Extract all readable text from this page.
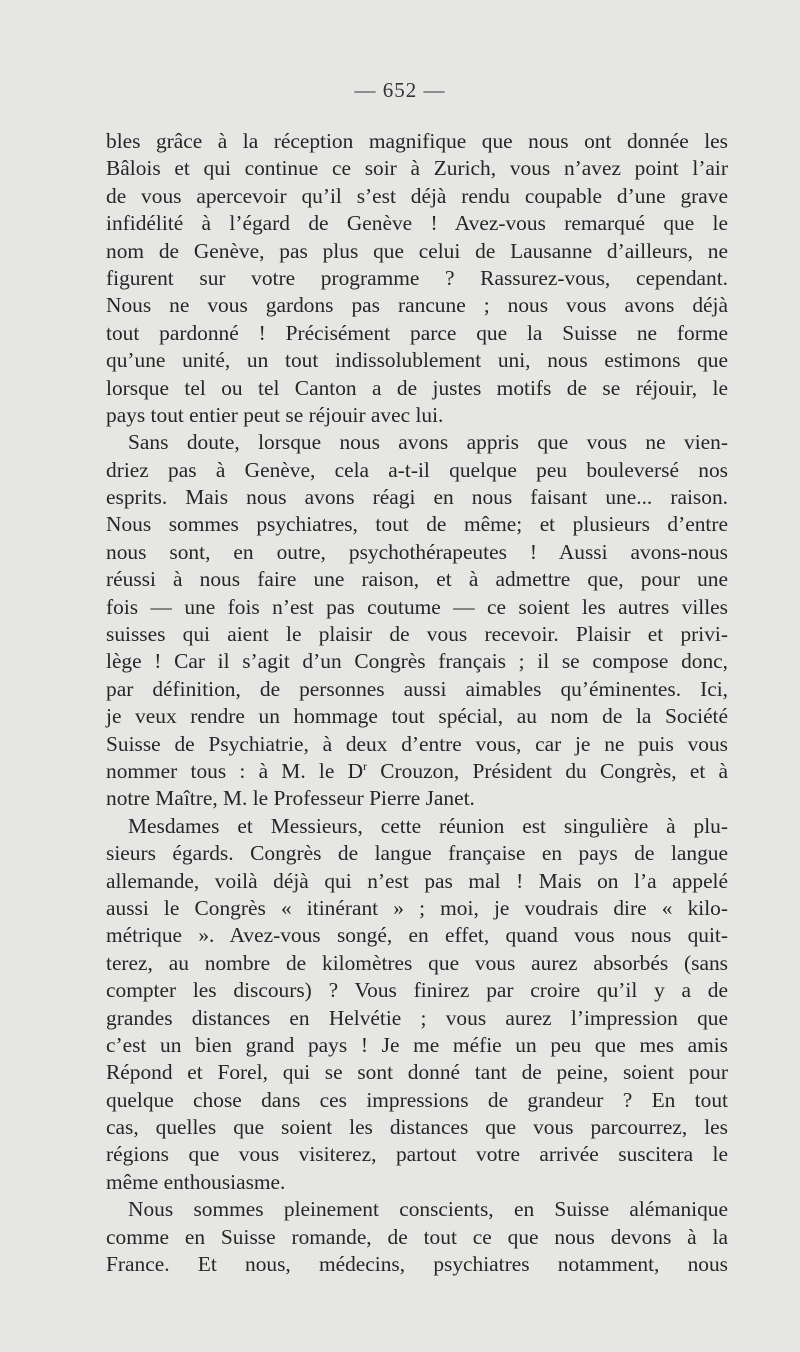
— 652 —
bles grâce à la réception magnifique que nous ont donnée les
Bâlois et qui continue ce soir à Zurich, vous n’avez point l’air
de vous apercevoir qu’il s’est déjà rendu coupable d’une grave
infidélité à l’égard de Genève ! Avez-vous remarqué que le
nom de Genève, pas plus que celui de Lausanne d’ailleurs, ne
figurent sur votre programme ? Rassurez-vous, cependant.
Nous ne vous gardons pas rancune ; nous vous avons déjà
tout pardonné ! Précisément parce que la Suisse ne forme
qu’une unité, un tout indissolublement uni, nous estimons que
lorsque tel ou tel Canton a de justes motifs de se réjouir, le
pays tout entier peut se réjouir avec lui.
Sans doute, lorsque nous avons appris que vous ne vien-
driez pas à Genève, cela a-t-il quelque peu bouleversé nos
esprits. Mais nous avons réagi en nous faisant une... raison.
Nous sommes psychiatres, tout de même; et plusieurs d’entre
nous sont, en outre, psychothérapeutes ! Aussi avons-nous
réussi à nous faire une raison, et à admettre que, pour une
fois — une fois n’est pas coutume — ce soient les autres villes
suisses qui aient le plaisir de vous recevoir. Plaisir et privi-
lège ! Car il s’agit d’un Congrès français ; il se compose donc,
par définition, de personnes aussi aimables qu’éminentes. Ici,
je veux rendre un hommage tout spécial, au nom de la Société
Suisse de Psychiatrie, à deux d’entre vous, car je ne puis vous
nommer tous : à M. le $D^r$ Crouzon, Président du Congrès, et à
notre Maître, M. le Professeur Pierre Janet.
Mesdames et Messieurs, cette réunion est singulière à plu-
sieurs égards. Congrès de langue française en pays de langue
allemande, voilà déjà qui n’est pas mal ! Mais on l’a appelé
aussi le Congrès « itinérant » ; moi, je voudrais dire « kilo-
métrique ». Avez-vous songé, en effet, quand vous nous quit-
terez, au nombre de kilomètres que vous aurez absorbés (sans
compter les discours) ? Vous finirez par croire qu’il y a de
grandes distances en Helvétie ; vous aurez l’impression que
c’est un bien grand pays ! Je me méfie un peu que mes amis
Répond et Forel, qui se sont donné tant de peine, soient pour
quelque chose dans ces impressions de grandeur ? En tout
cas, quelles que soient les distances que vous parcourrez, les
régions que vous visiterez, partout votre arrivée suscitera le
même enthousiasme.
Nous sommes pleinement conscients, en Suisse alémanique
comme en Suisse romande, de tout ce que nous devons à la
France. Et nous, médecins, psychiatres notamment, nous
